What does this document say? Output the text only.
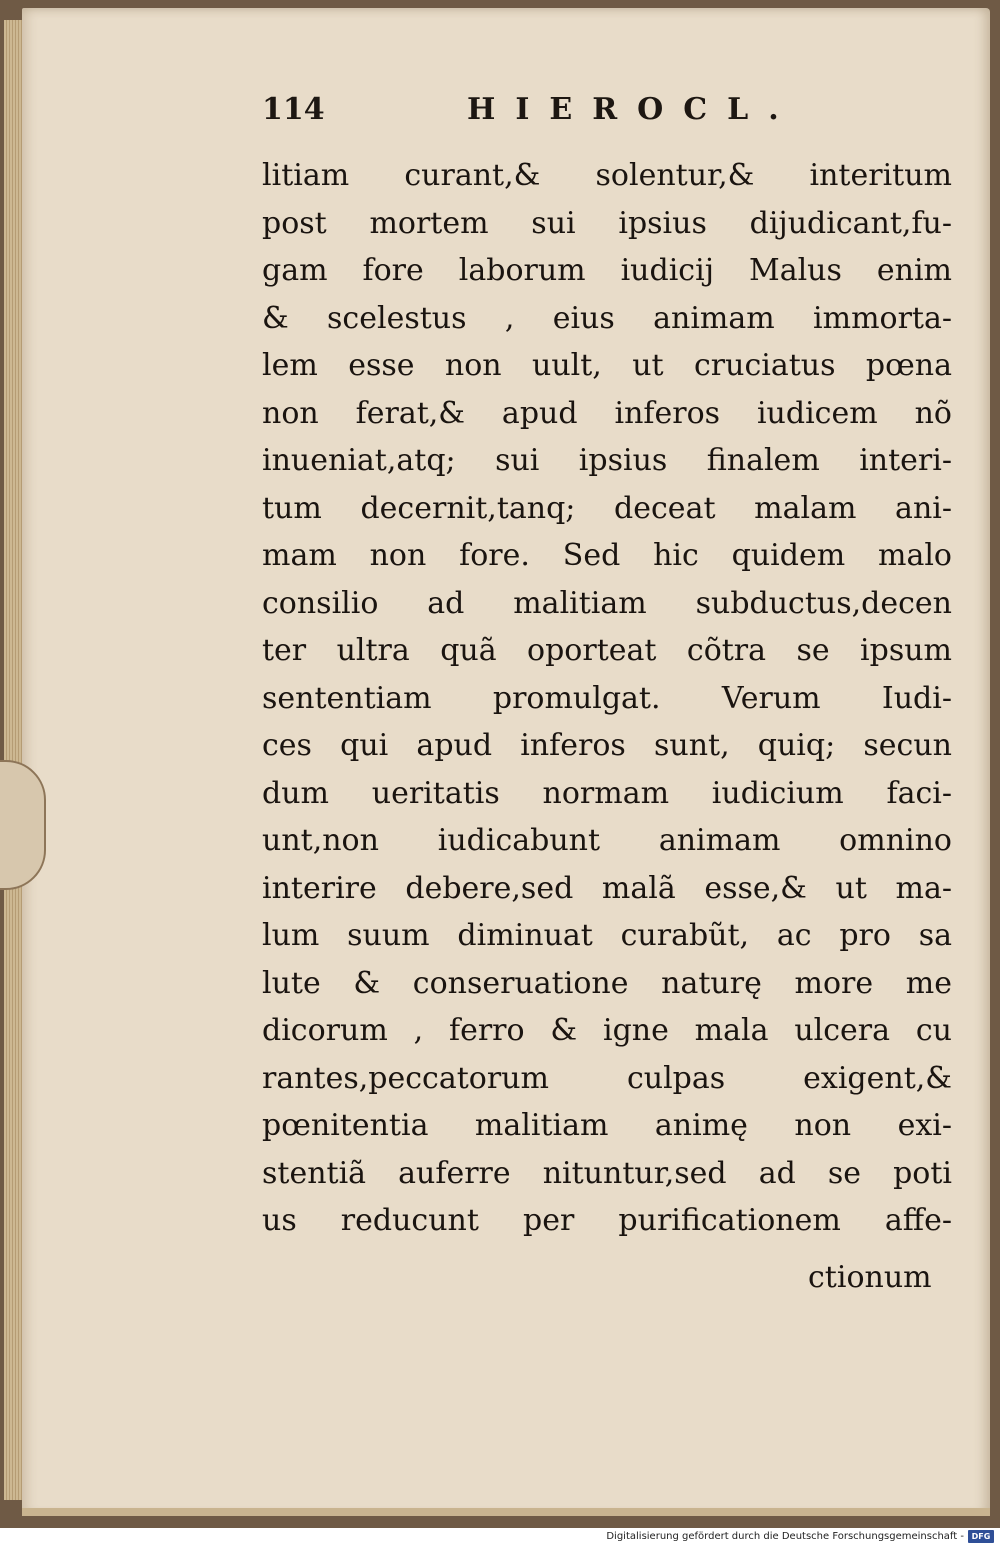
114	HIEROCL.
litiam curant,& solentur,& interitum
post mortem sui ipsius dijudicant,fu-
gam fore laborum iudicij Malus enim
& scelestus , eius animam immorta-
lem esse non uult, ut cruciatus pœna
non ferat,& apud inferos iudicem nõ
inueniat,atq; sui ipsius finalem interi-
tum decernit,tanq; deceat malam ani-
mam non fore. Sed hic quidem malo
consilio ad malitiam subductus,decen
ter ultra quã oporteat cõtra se ipsum
sententiam promulgat. Verum Iudi-
ces qui apud inferos sunt, quiq; secun
dum ueritatis normam iudicium faci-
unt,non iudicabunt animam omnino
interire debere,sed malã esse,& ut ma-
lum suum diminuat curabũt, ac pro sa
lute & conseruatione naturę more me
dicorum , ferro & igne mala ulcera cu
rantes,peccatorum culpas exigent,&
pœnitentia malitiam animę non exi-
stentiã auferre nituntur,sed ad se poti
us reducunt per purificationem affe-
ctionum
Digitalisierung gefördert durch die Deutsche Forschungsgemeinschaft - DFG
